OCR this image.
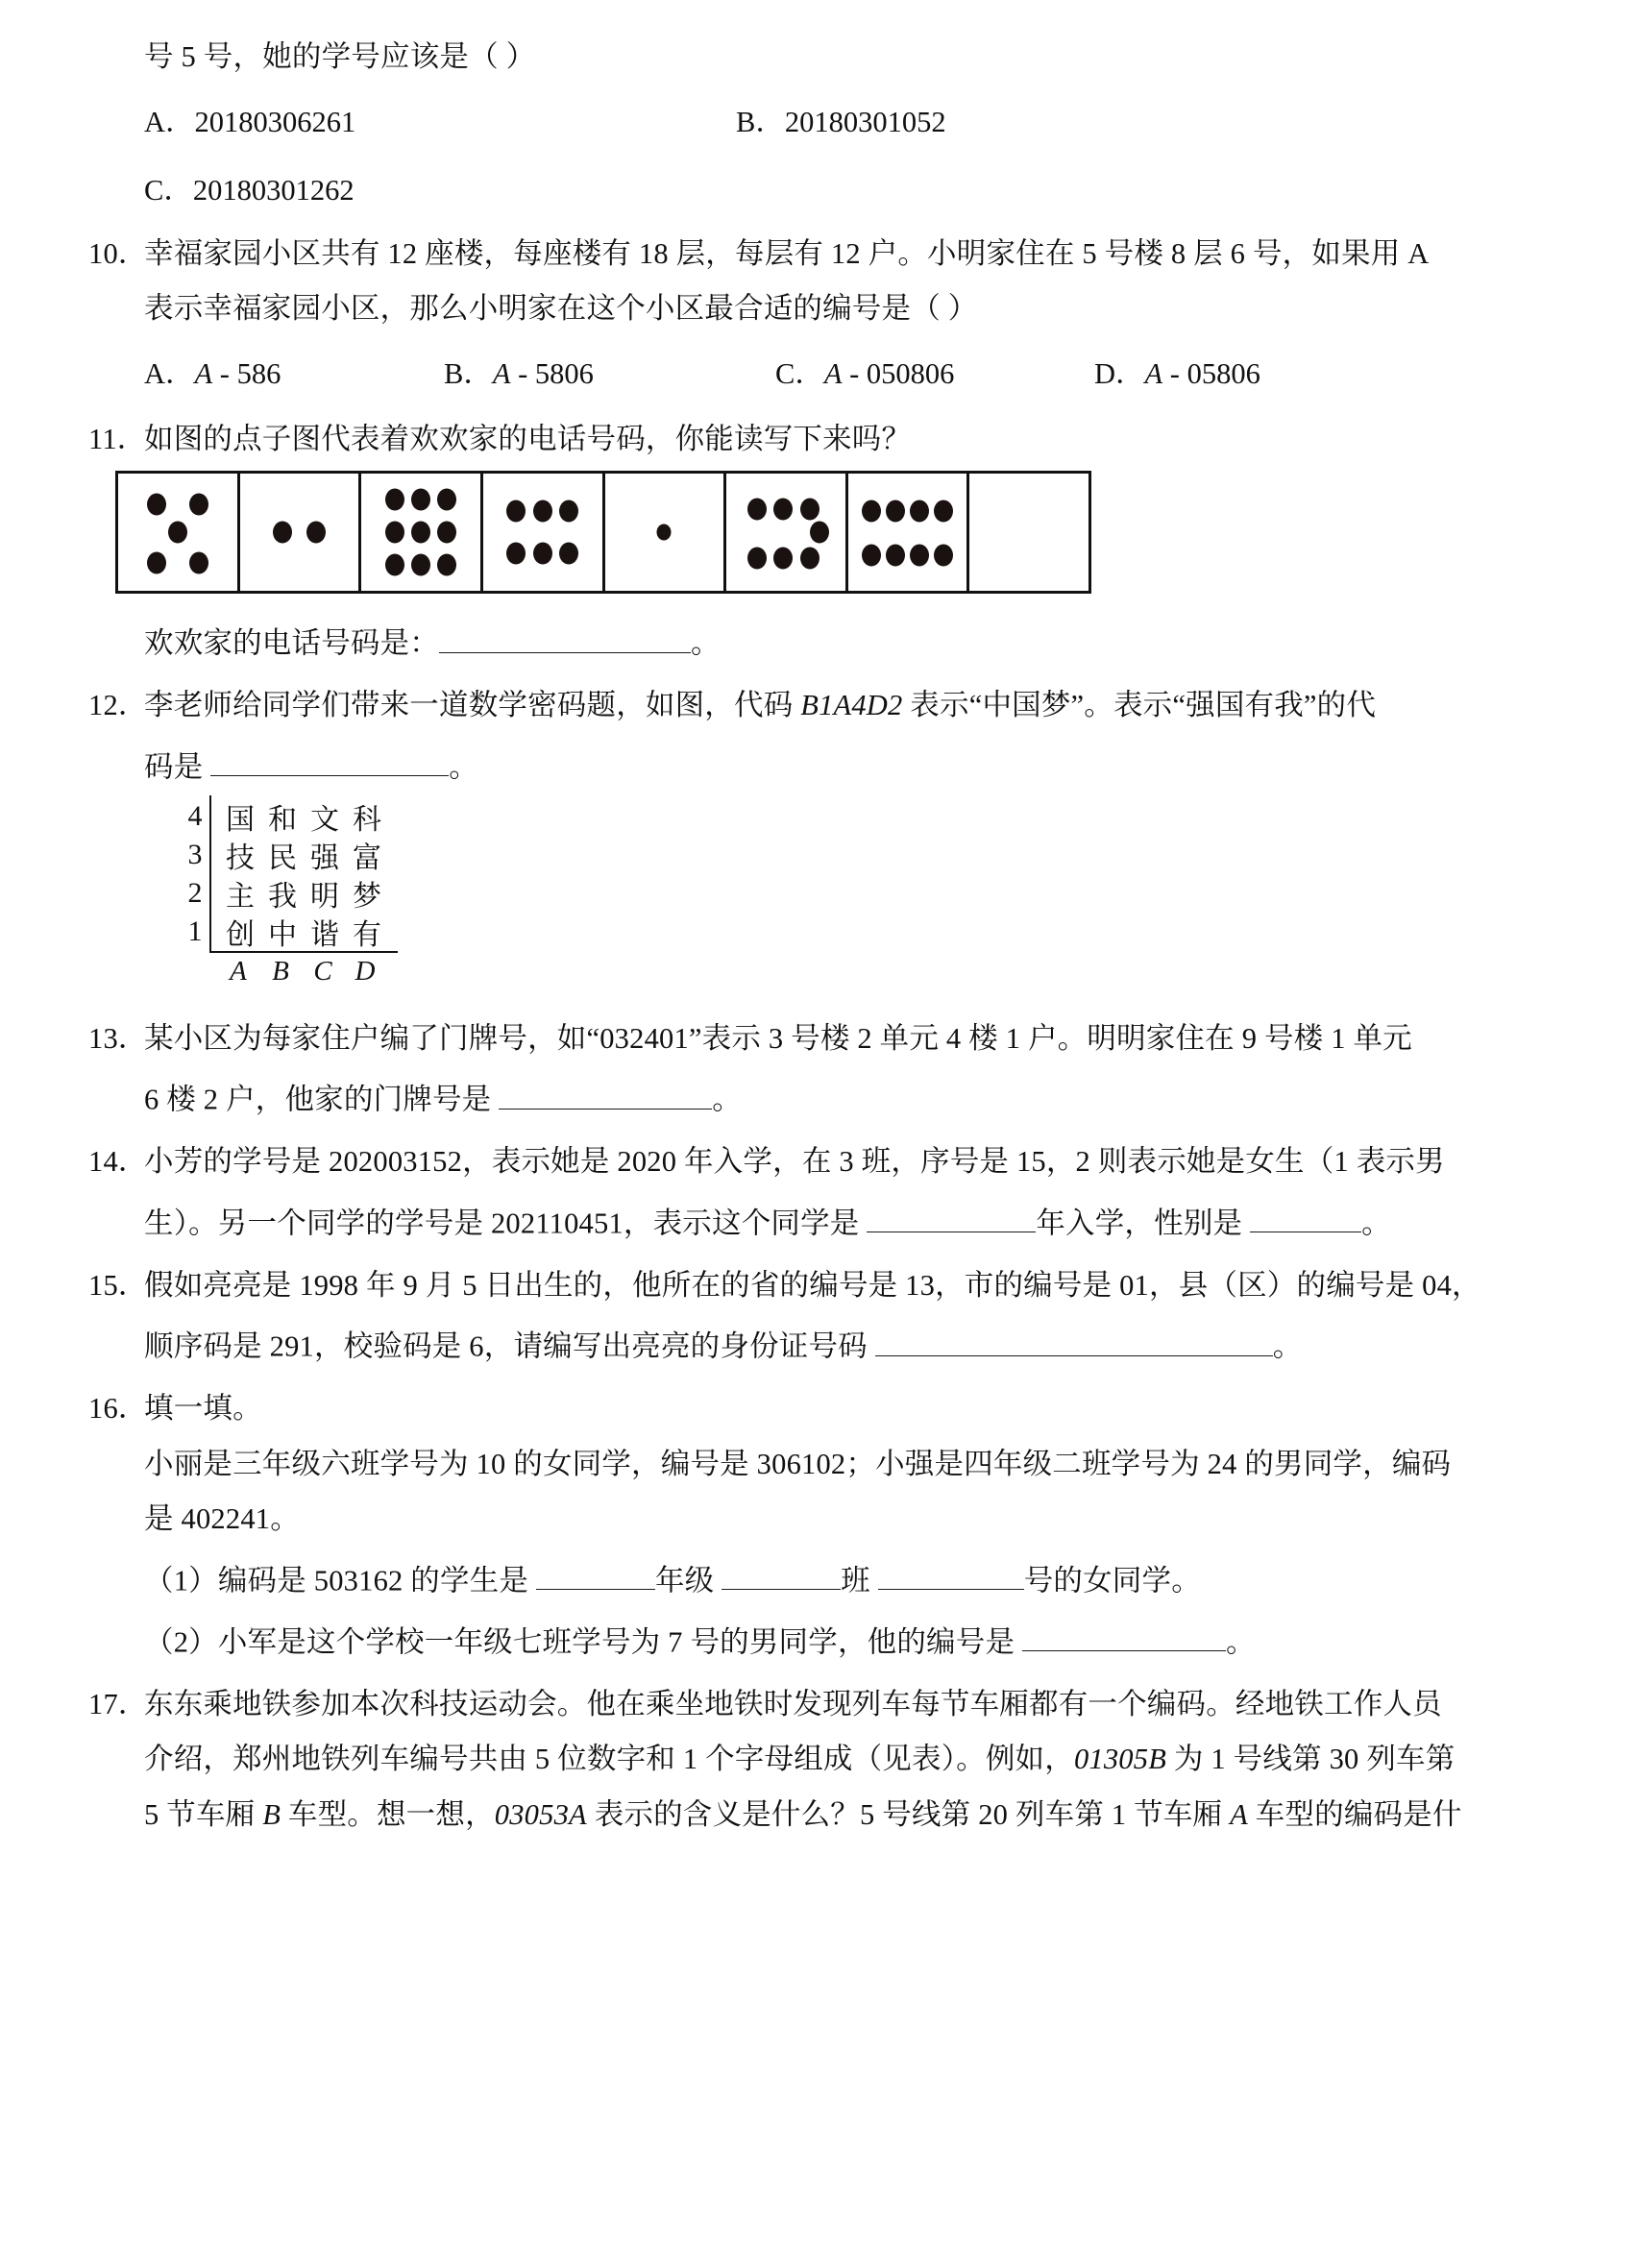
号 5 号，她的学号应该是（ ）
A．20180306261	B．20180301052
C．20180301262
10．幸福家园小区共有 12 座楼，每座楼有 18 层，每层有 12 户。小明家住在 5 号楼 8 层 6 号，如果用 A
表示幸福家园小区，那么小明家在这个小区最合适的编号是（ ）
A．A - 586	B．A - 5806	C．A - 050806	D．A - 05806
11．如图的点子图代表着欢欢家的电话号码，你能读写下来吗？
欢欢家的电话号码是：	。
12．李老师给同学们带来一道数学密码题，如图，代码 B1A4D2 表示“中国梦”。表示“强国有我”的代
码是	。
4 国 和 文 科
3 技 民 强 富
2 主 我 明 梦
1 创 中 谐 有
A B C D
13．某小区为每家住户编了门牌号，如“032401”表示 3 号楼 2 单元 4 楼 1 户。明明家住在 9 号楼 1 单元
6 楼 2 户，他家的门牌号是	。
14．小芳的学号是 202003152，表示她是 2020 年入学，在 3 班，序号是 15，2 则表示她是女生（1 表示男
生）。另一个同学的学号是 202110451，表示这个同学是	年入学，性别是	。
15．假如亮亮是 1998 年 9 月 5 日出生的，他所在的省的编号是 13，市的编号是 01，县（区）的编号是 04，
顺序码是 291，校验码是 6，请编写出亮亮的身份证号码	。
16．填一填。
小丽是三年级六班学号为 10 的女同学，编号是 306102；小强是四年级二班学号为 24 的男同学，编码
是 402241。
（1）编码是 503162 的学生是	年级	班	号的女同学。
（2）小军是这个学校一年级七班学号为 7 号的男同学，他的编号是	。
17．东东乘地铁参加本次科技运动会。他在乘坐地铁时发现列车每节车厢都有一个编码。经地铁工作人员
介绍，郑州地铁列车编号共由 5 位数字和 1 个字母组成（见表）。例如，01305B 为 1 号线第 30 列车第
5 节车厢 B 车型。想一想，03053A 表示的含义是什么？5 号线第 20 列车第 1 节车厢 A 车型的编码是什
